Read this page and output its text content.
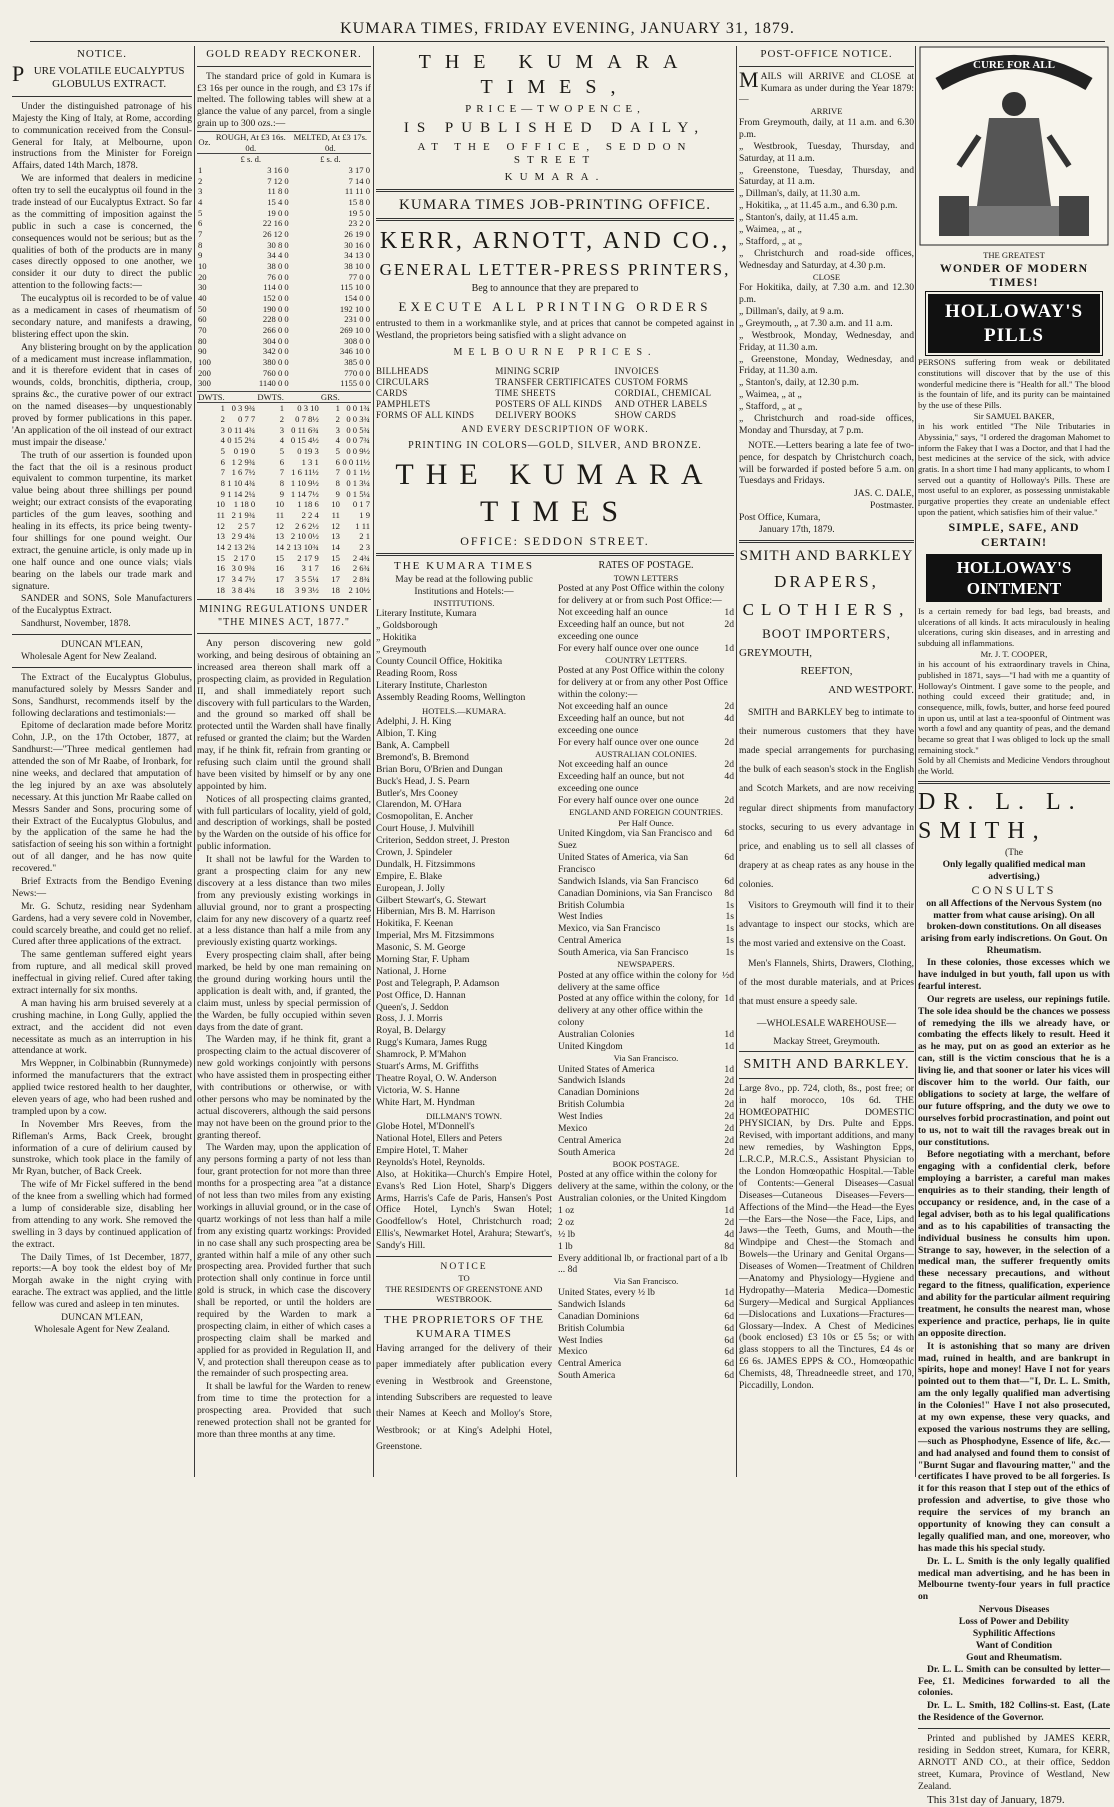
KUMARA TIMES, FRIDAY EVENING, JANUARY 31, 1879.
NOTICE.
PURE VOLATILE EUCALYPTUS GLOBULUS EXTRACT.

Under the distinguished patronage of his Majesty the King of Italy, at Rome, according to communication received from the Consul-General for Italy, at Melbourne, upon instructions from the Minister for Foreign Affairs, dated 14th March, 1878.

We are informed that dealers in medicine often try to sell the eucalyptus oil found in the trade instead of our Eucalyptus Extract. So far as the committing of imposition against the public in such a case is concerned, the consequences would not be serious; but as the qualities of both of the products are in many cases directly opposed to one another, we consider it our duty to direct the public attention to the following facts:—

The eucalyptus oil is recorded to be of value as a medicament in cases of rheumatism of secondary nature, and manifests a drawing, blistering effect upon the skin.

Any blistering brought on by the application of a medicament must increase inflammation, and it is therefore evident that in cases of wounds, colds, bronchitis, diptheria, croup, sprains &c., the curative power of our extract on the named diseases—by unquestionably proved by former publications in this paper. 'An application of the oil instead of our extract must impair the disease.'

The truth of our assertion is founded upon the fact that the oil is a resinous product equivalent to common turpentine, its market value being about three shillings per pound weight; our extract consists of the evaporating particles of the gum leaves, soothing and healing in its effects, its price being twenty-four shillings for one pound weight. Our extract, the genuine article, is only made up in one half ounce and one ounce vials; vials bearing on the labels our trade mark and signature.

SANDER and SONS, Sole Manufacturers of the Eucalyptus Extract.

Sandhurst, November, 1878.

DUNCAN M'LEAN,

Wholesale Agent for New Zealand.

The Extract of the Eucalyptus Globulus, manufactured solely by Messrs Sander and Sons, Sandhurst, recommends itself by the following declarations and testimonials:—

Epitome of declaration made before Moritz Cohn, J.P., on the 17th October, 1877, at Sandhurst:—"Three medical gentlemen had attended the son of Mr Raabe, of Ironbark, for nine weeks, and declared that amputation of the leg injured by an axe was absolutely necessary. At this junction Mr Raabe called on Messrs Sander and Sons, procuring some of their Extract of the Eucalyptus Globulus, and by the application of the same he had the satisfaction of seeing his son within a fortnight out of all danger, and he has now quite recovered."

Brief Extracts from the Bendigo Evening News:—

Mr. G. Schutz, residing near Sydenham Gardens, had a very severe cold in November, could scarcely breathe, and could get no relief. Cured after three applications of the extract.

The same gentleman suffered eight years from rupture, and all medical skill proved ineffectual in giving relief. Cured after taking extract internally for six months.

A man having his arm bruised severely at a crushing machine, in Long Gully, applied the extract, and the accident did not even necessitate as much as an interruption in his attendance at work.

Mrs Weppner, in Colbinabbin (Runnymede) informed the manufacturers that the extract applied twice restored health to her daughter, eleven years of age, who had been rushed and trampled upon by a cow.

In November Mrs Reeves, from the Rifleman's Arms, Back Creek, brought information of a cure of delirium caused by sunstroke, which took place in the family of Mr Ryan, butcher, of Back Creek.

The wife of Mr Fickel suffered in the bend of the knee from a swelling which had formed a lump of considerable size, disabling her from attending to any work. She removed the swelling in 3 days by continued application of the extract.

The Daily Times, of 1st December, 1877, reports:—A boy took the eldest boy of Mr Morgah awake in the night crying with earache. The extract was applied, and the little fellow was cured and asleep in ten minutes.

DUNCAN M'LEAN,

Wholesale Agent for New Zealand.

GOLD READY RECKONER.

The standard price of gold in Kumara is £3 16s per ounce in the rough, and £3 17s if melted. The following tables will shew at a glance the value of any parcel, from a single grain up to 300 ozs.:—

Oz.	ROUGH, At £3 16s. 0d.	MELTED, At £3 17s. 0d.
	£ s. d.	£ s. d.
1	3 16 0	3 17 0
2	7 12 0	7 14 0
3	11 8 0	11 11 0
4	15 4 0	15 8 0
5	19 0 0	19 5 0
6	22 16 0	23 2 0
7	26 12 0	26 19 0
8	30 8 0	30 16 0
9	34 4 0	34 13 0
10	38 0 0	38 10 0
20	76 0 0	77 0 0
30	114 0 0	115 10 0
40	152 0 0	154 0 0
50	190 0 0	192 10 0
60	228 0 0	231 0 0
70	266 0 0	269 10 0
80	304 0 0	308 0 0
90	342 0 0	346 10 0
100	380 0 0	385 0 0
200	760 0 0	770 0 0
300	1140 0 0	1155 0 0
DWTS.		DWTS.		GRS.	
1	0 3 9¾	1	0 3 10	1	0 0 1¾
2	0 7 7	2	0 7 8½	2	0 0 3¾
3	0 11 4¾	3	0 11 6¾	3	0 0 5¾
4	0 15 2¼	4	0 15 4½	4	0 0 7¾
5	0 19 0	5	0 19 3	5	0 0 9½
6	1 2 9¾	6	1 3 1	6	0 0 11½
7	1 6 7½	7	1 6 11½	7	0 1 1½
8	1 10 4¾	8	1 10 9½	8	0 1 3¼
9	1 14 2¼	9	1 14 7½	9	0 1 5¼
10	1 18 0	10	1 18 6	10	0 1 7
11	2 1 9¾	11	2 2 4	11	1 9
12	2 5 7	12	2 6 2½	12	1 11
13	2 9 4¾	13	2 10 0½	13	2 1
14	2 13 2¼	14	2 13 10¾	14	2 3
15	2 17 0	15	2 17 9	15	2 4¾
16	3 0 9¾	16	3 1 7	16	2 6¾
17	3 4 7½	17	3 5 5¼	17	2 8¾
18	3 8 4¾	18	3 9 3½	18	2 10½
MINING REGULATIONS UNDER "THE MINES ACT, 1877."

Any person discovering new gold working, and being desirous of obtaining an increased area thereon shall mark off a prospecting claim, as provided in Regulation II, and shall immediately report such discovery with full particulars to the Warden, and the ground so marked off shall be protected until the Warden shall have finally refused or granted the claim; but the Warden may, if he think fit, refrain from granting or refusing such claim until the ground shall have been visited by himself or by any one appointed by him.

Notices of all prospecting claims granted, with full particulars of locality, yield of gold, and description of workings, shall be posted by the Warden on the outside of his office for public information.

It shall not be lawful for the Warden to grant a prospecting claim for any new discovery at a less distance than two miles from any previously existing workings in alluvial ground, nor to grant a prospecting claim for any new discovery of a quartz reef at a less distance than half a mile from any previously existing quartz workings.

Every prospecting claim shall, after being marked, be held by one man remaining on the ground during working hours until the application is dealt with, and, if granted, the claim must, unless by special permission of the Warden, be fully occupied within seven days from the date of grant.

The Warden may, if he think fit, grant a prospecting claim to the actual discoverer of new gold workings conjointly with persons who have assisted them in prospecting either with contributions or otherwise, or with other persons who may be nominated by the actual discoverers, although the said persons may not have been on the ground prior to the granting thereof.

The Warden may, upon the application of any persons forming a party of not less than four, grant protection for not more than three months for a prospecting area "at a distance of not less than two miles from any existing workings in alluvial ground, or in the case of quartz workings of not less than half a mile from any existing quartz workings: Provided in no case shall any such prospecting area be granted within half a mile of any other such prospecting area. Provided further that such protection shall only continue in force until gold is struck, in which case the discovery shall be reported, or until the holders are required by the Warden to mark a prospecting claim, in either of which cases a prospecting claim shall be marked and applied for as provided in Regulation II, and V, and protection shall thereupon cease as to the remainder of such prospecting area.

It shall be lawful for the Warden to renew from time to time the protection for a prospecting area. Provided that such renewed protection shall not be granted for more than three months at any time.

THE KUMARA TIMES,
PRICE—TWOPENCE,
IS PUBLISHED DAILY,
AT THE OFFICE, SEDDON STREET
KUMARA.
KUMARA TIMES JOB-PRINTING OFFICE.
KERR, ARNOTT, AND CO.,
GENERAL LETTER-PRESS PRINTERS,
Beg to announce that they are prepared to
EXECUTE ALL PRINTING ORDERS

entrusted to them in a workmanlike style, and at prices that cannot be competed against in Westland, the proprietors being satisfied with a slight advance on

MELBOURNE PRICES.
BILLHEADS	MINING SCRIP	INVOICES
CIRCULARS	TRANSFER CERTIFICATES CUSTOM FORMS
CARDS	TIME SHEETS	CORDIAL, CHEMICAL
PAMPHLETS	POSTERS OF ALL KINDS	AND OTHER LABELS
FORMS OF ALL KINDS	DELIVERY BOOKS	SHOW CARDS
AND EVERY DESCRIPTION OF WORK.
PRINTING IN COLORS—GOLD, SILVER, AND BRONZE.
THE KUMARA TIMES
OFFICE: SEDDON STREET.
THE KUMARA TIMES

May be read at the following public Institutions and Hotels:—

INSTITUTIONS.
Literary Institute, Kumara
„ Goldsborough
„ Hokitika
„ Greymouth
County Council Office, Hokitika
Reading Room, Ross
Literary Institute, Charleston
Assembly Reading Rooms, Wellington
HOTELS.—KUMARA.
Adelphi, J. H. King
Albion, T. King
Bank, A. Campbell
Bremond's, B. Bremond
Brian Boru, O'Brien and Dungan
Buck's Head, J. S. Pearn
Butler's, Mrs Cooney
Clarendon, M. O'Hara
Cosmopolitan, E. Ancher
Court House, J. Mulvihill
Criterion, Seddon street, J. Preston
Crown, J. Spindeler
Dundalk, H. Fitzsimmons
Empire, E. Blake
European, J. Jolly
Gilbert Stewart's, G. Stewart
Hibernian, Mrs B. M. Harrison
Hokitika, F. Keenan
Imperial, Mrs M. Fitzsimmons
Masonic, S. M. George
Morning Star, F. Upham
National, J. Horne
Post and Telegraph, P. Adamson
Post Office, D. Hannan
Queen's, J. Seddon
Ross, J. J. Morris
Royal, B. Delargy
Rugg's Kumara, James Rugg
Shamrock, P. M'Mahon
Stuart's Arms, M. Griffiths
Theatre Royal, O. W. Anderson
Victoria, W. S. Hanne
White Hart, M. Hyndman
DILLMAN'S TOWN.
Globe Hotel, M'Donnell's
National Hotel, Ellers and Peters
Empire Hotel, T. Maher
Reynolds's Hotel, Reynolds.

Also, at Hokitika—Church's Empire Hotel, Evans's Red Lion Hotel, Sharp's Diggers Arms, Harris's Cafe de Paris, Hansen's Post Office Hotel, Lynch's Swan Hotel; Goodfellow's Hotel, Christchurch road; Ellis's, Newmarket Hotel, Arahura; Stewart's, Sandy's Hill.

NOTICE
TO
THE RESIDENTS OF GREENSTONE AND WESTBROOK.
THE PROPRIETORS OF THE KUMARA TIMES

Having arranged for the delivery of their paper immediately after publication every evening in Westbrook and Greenstone, intending Subscribers are requested to leave their Names at Keech and Molloy's Store, Westbrook; or at King's Adelphi Hotel, Greenstone.

RATES OF POSTAGE.
TOWN LETTERS

Posted at any Post Office within the colony for delivery at or from such Post Office:—

Not exceeding half an ounce	1d
Exceeding half an ounce, but not exceeding one ounce
2d
For every half ounce over one ounce	1d
COUNTRY LETTERS.

Posted at any Post Office within the colony for delivery at or from any other Post Office within the colony:—

Not exceeding half an ounce	2d
Exceeding half an ounce, but not exceeding one ounce
4d
For every half ounce over one ounce	2d
AUSTRALIAN COLONIES.
Not exceeding half an ounce	2d
Exceeding half an ounce, but not exceeding one ounce
4d
For every half ounce over one ounce	2d
ENGLAND AND FOREIGN COUNTRIES.
Per Half Ounce.
United Kingdom, via San Francisco and Suez
6d
United States of America, via San Francisco
6d
Sandwich Islands, via San Francisco	6d
Canadian Dominions, via San Francisco 8d
British Columbia	1s
West Indies	1s
Mexico, via San Francisco	1s
Central America	1s
South America, via San Francisco	1s
NEWSPAPERS.
Posted at any office within the colony for delivery at the same office
½d
Posted at any office within the colony, for delivery at any other office within the colony
1d
Australian Colonies	1d
United Kingdom	1d
Via San Francisco.
United States of America	1d
Sandwich Islands	2d
Canadian Dominions	2d
British Columbia	2d
West Indies	2d
Mexico	2d
Central America	2d
South America	2d
BOOK POSTAGE.

Posted at any office within the colony for delivery at the same, within the colony, or the Australian colonies, or the United Kingdom

1 oz	1d
2 oz	2d
½ lb	4d
1 lb	8d

Every additional lb, or fractional part of a lb ... 8d

Via San Francisco.
United States, every ½ lb	1d
Sandwich Islands	6d
Canadian Dominions	6d
British Columbia	6d
West Indies	6d
Mexico	6d
Central America	6d
South America	6d
POST-OFFICE NOTICE.

MAILS will ARRIVE and CLOSE at Kumara as under during the Year 1879:—

ARRIVE
From Greymouth, daily, at 11 a.m. and 6.30 p.m.
„ Westbrook, Tuesday, Thursday, and Saturday, at 11 a.m.
„ Greenstone, Tuesday, Thursday, and Saturday, at 11 a.m.
„ Dillman's, daily, at 11.30 a.m.
„ Hokitika, „ at 11.45 a.m., and 6.30 p.m.
„ Stanton's, daily, at 11.45 a.m.
„ Waimea, „ at „
„ Stafford, „ at „
„ Christchurch and road-side offices, Wednesday and Saturday, at 4.30 p.m.
CLOSE
For Hokitika, daily, at 7.30 a.m. and 12.30 p.m.
„ Dillman's, daily, at 9 a.m.
„ Greymouth, „ at 7.30 a.m. and 11 a.m.
„ Westbrook, Monday, Wednesday, and Friday, at 11.30 a.m.
„ Greenstone, Monday, Wednesday, and Friday, at 11.30 a.m.
„ Stanton's, daily, at 12.30 p.m.
„ Waimea, „ at „
„ Stafford, „ at „
„ Christchurch and road-side offices, Monday and Thursday, at 7 p.m.

NOTE.—Letters bearing a late fee of two-pence, for despatch by Christchurch coach, will be forwarded if posted before 5 a.m. on Tuesdays and Fridays.

JAS. C. DALE,

Postmaster.

Post Office, Kumara,

January 17th, 1879.

SMITH AND BARKLEY
DRAPERS,
CLOTHIERS,
BOOT IMPORTERS,
GREYMOUTH,
REEFTON,
AND WESTPORT.

SMITH and BARKLEY beg to intimate to their numerous customers that they have made special arrangements for purchasing the bulk of each season's stock in the English and Scotch Markets, and are now receiving regular direct shipments from manufactory stocks, securing to us every advantage in price, and enabling us to sell all classes of drapery at as cheap rates as any house in the colonies.

Visitors to Greymouth will find it to their advantage to inspect our stocks, which are the most varied and extensive on the Coast.

Men's Flannels, Shirts, Drawers, Clothing, of the most durable materials, and at Prices that must ensure a speedy sale.

—WHOLESALE WAREHOUSE—
Mackay Street, Greymouth.
SMITH AND BARKLEY.

Large 8vo., pp. 724, cloth, 8s., post free; or in half morocco, 10s 6d. THE HOMŒOPATHIC DOMESTIC PHYSICIAN, by Drs. Pulte and Epps. Revised, with important additions, and many new remedies, by Washington Epps, L.R.C.P., M.R.C.S., Assistant Physician to the London Homœopathic Hospital.—Table of Contents:—General Diseases—Casual Diseases—Cutaneous Diseases—Fevers—Affections of the Mind—the Head—the Eyes—the Ears—the Nose—the Face, Lips, and Jaws—the Teeth, Gums, and Mouth—the Windpipe and Chest—the Stomach and Bowels—the Urinary and Genital Organs—Diseases of Women—Treatment of Children—Anatomy and Physiology—Hygiene and Hydropathy—Materia Medica—Domestic Surgery—Medical and Surgical Appliances—Dislocations and Luxations—Fractures—Glossary—Index. A Chest of Medicines (book enclosed) £3 10s or £5 5s; or with glass stoppers to all the Tinctures, £4 4s or £6 6s. JAMES EPPS & CO., Homœopathic Chemists, 48, Threadneedle street, and 170, Piccadilly, London.

CURE FOR ALL
THE GREATEST
WONDER OF MODERN TIMES!
HOLLOWAY'S PILLS

PERSONS suffering from weak or debilitated constitutions will discover that by the use of this wonderful medicine there is "Health for all." The blood is the fountain of life, and its purity can be maintained by the use of these Pills.

Sir SAMUEL BAKER,

in his work entitled "The Nile Tributaries in Abyssinia," says, "I ordered the dragoman Mahomet to inform the Fakey that I was a Doctor, and that I had the best medicines at the service of the sick, with advice gratis. In a short time I had many applicants, to whom I served out a quantity of Holloway's Pills. These are most useful to an explorer, as possessing unmistakable purgative properties they create an undeniable effect upon the patient, which satisfies him of their value."

SIMPLE, SAFE, AND CERTAIN!
HOLLOWAY'S OINTMENT

Is a certain remedy for bad legs, bad breasts, and ulcerations of all kinds. It acts miraculously in healing ulcerations, curing skin diseases, and in arresting and subduing all inflammations.

Mr. J. T. COOPER,

in his account of his extraordinary travels in China, published in 1871, says—"I had with me a quantity of Holloway's Ointment. I gave some to the people, and nothing could exceed their gratitude; and, in consequence, milk, fowls, butter, and horse feed poured in upon us, until at last a tea-spoonful of Ointment was worth a fowl and any quantity of peas, and the demand became so great that I was obliged to lock up the small remaining stock."

Sold by all Chemists and Medicine Vendors throughout the World.

DR. L. L. SMITH,
(The
Only legally qualified medical man advertising,)
CONSULTS

on all Affections of the Nervous System (no matter from what cause arising). On all broken-down constitutions. On all diseases arising from early indiscretions. On Gout. On Rheumatism.

In these colonies, those excesses which we have indulged in but youth, fall upon us with fearful interest.

Our regrets are useless, our repinings futile. The sole idea should be the chances we possess of remedying the ills we already have, or combating the effects likely to result. Heed it as he may, put on as good an exterior as he can, still is the victim conscious that he is a living lie, and that sooner or later his vices will discover him to the world. Our faith, our obligations to society at large, the welfare of our future offspring, and the duty we owe to ourselves forbid procrastination, and point out to us, not to wait till the ravages break out in our constitutions.

Before negotiating with a merchant, before engaging with a confidential clerk, before employing a barrister, a careful man makes enquiries as to their standing, their length of occupancy or residence, and, in the case of a legal adviser, both as to his legal qualifications and as to his capabilities of transacting the individual business he consults him upon. Strange to say, however, in the selection of a medical man, the sufferer frequently omits these necessary precautions, and without regard to the fitness, qualification, experience and ability for the particular ailment requiring treatment, he consults the nearest man, whose experience and practice, perhaps, lie in quite an opposite direction.

It is astonishing that so many are driven mad, ruined in health, and are bankrupt in spirits, hope and money! Have I not for years pointed out to them that—"I, Dr. L. L. Smith, am the only legally qualified man advertising in the Colonies!" Have I not also prosecuted, at my own expense, these very quacks, and exposed the various nostrums they are selling,—such as Phosphodyne, Essence of life, &c.—and had analysed and found them to consist of "Burnt Sugar and flavouring matter," and the certificates I have proved to be all forgeries. Is it for this reason that I step out of the ethics of profession and advertise, to give those who require the services of my branch an opportunity of knowing they can consult a legally qualified man, and one, moreover, who has made this his special study.

Dr. L. L. Smith is the only legally qualified medical man advertising, and he has been in Melbourne twenty-four years in full practice on

Nervous Diseases
Loss of Power and Debility
Syphilitic Affections
Want of Condition
Gout and Rheumatism.

Dr. L. L. Smith can be consulted by letter—Fee, £1. Medicines forwarded to all the colonies.

Dr. L. L. Smith, 182 Collins-st. East, (Late the Residence of the Governor.

Printed and published by JAMES KERR, residing in Seddon street, Kumara, for KERR, ARNOTT AND CO., at their office, Seddon street, Kumara, Province of Westland, New Zealand.

This 31st day of January, 1879.
